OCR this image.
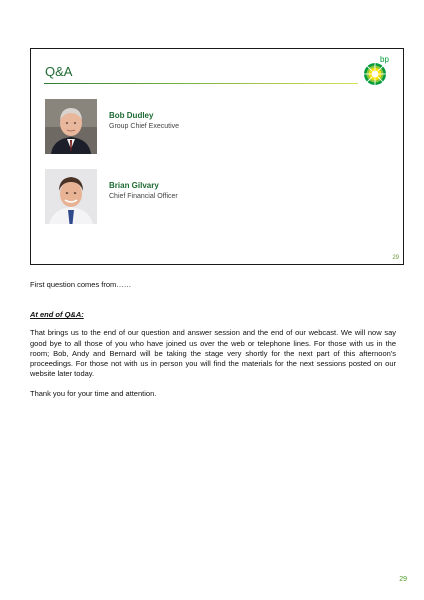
Q&A
bp
Bob Dudley
Group Chief Executive
Brian Gilvary
Chief Financial Officer
29

First question comes from……

At end of Q&A:

That brings us to the end of our question and answer session and the end of our webcast. We will now say good bye to all those of you who have joined us over the web or telephone lines. For those with us in the room; Bob, Andy and Bernard will be taking the stage very shortly for the next part of this afternoon's proceedings. For those not with us in person you will find the materials for the next sessions posted on our website later today.

Thank you for your time and attention.

29
